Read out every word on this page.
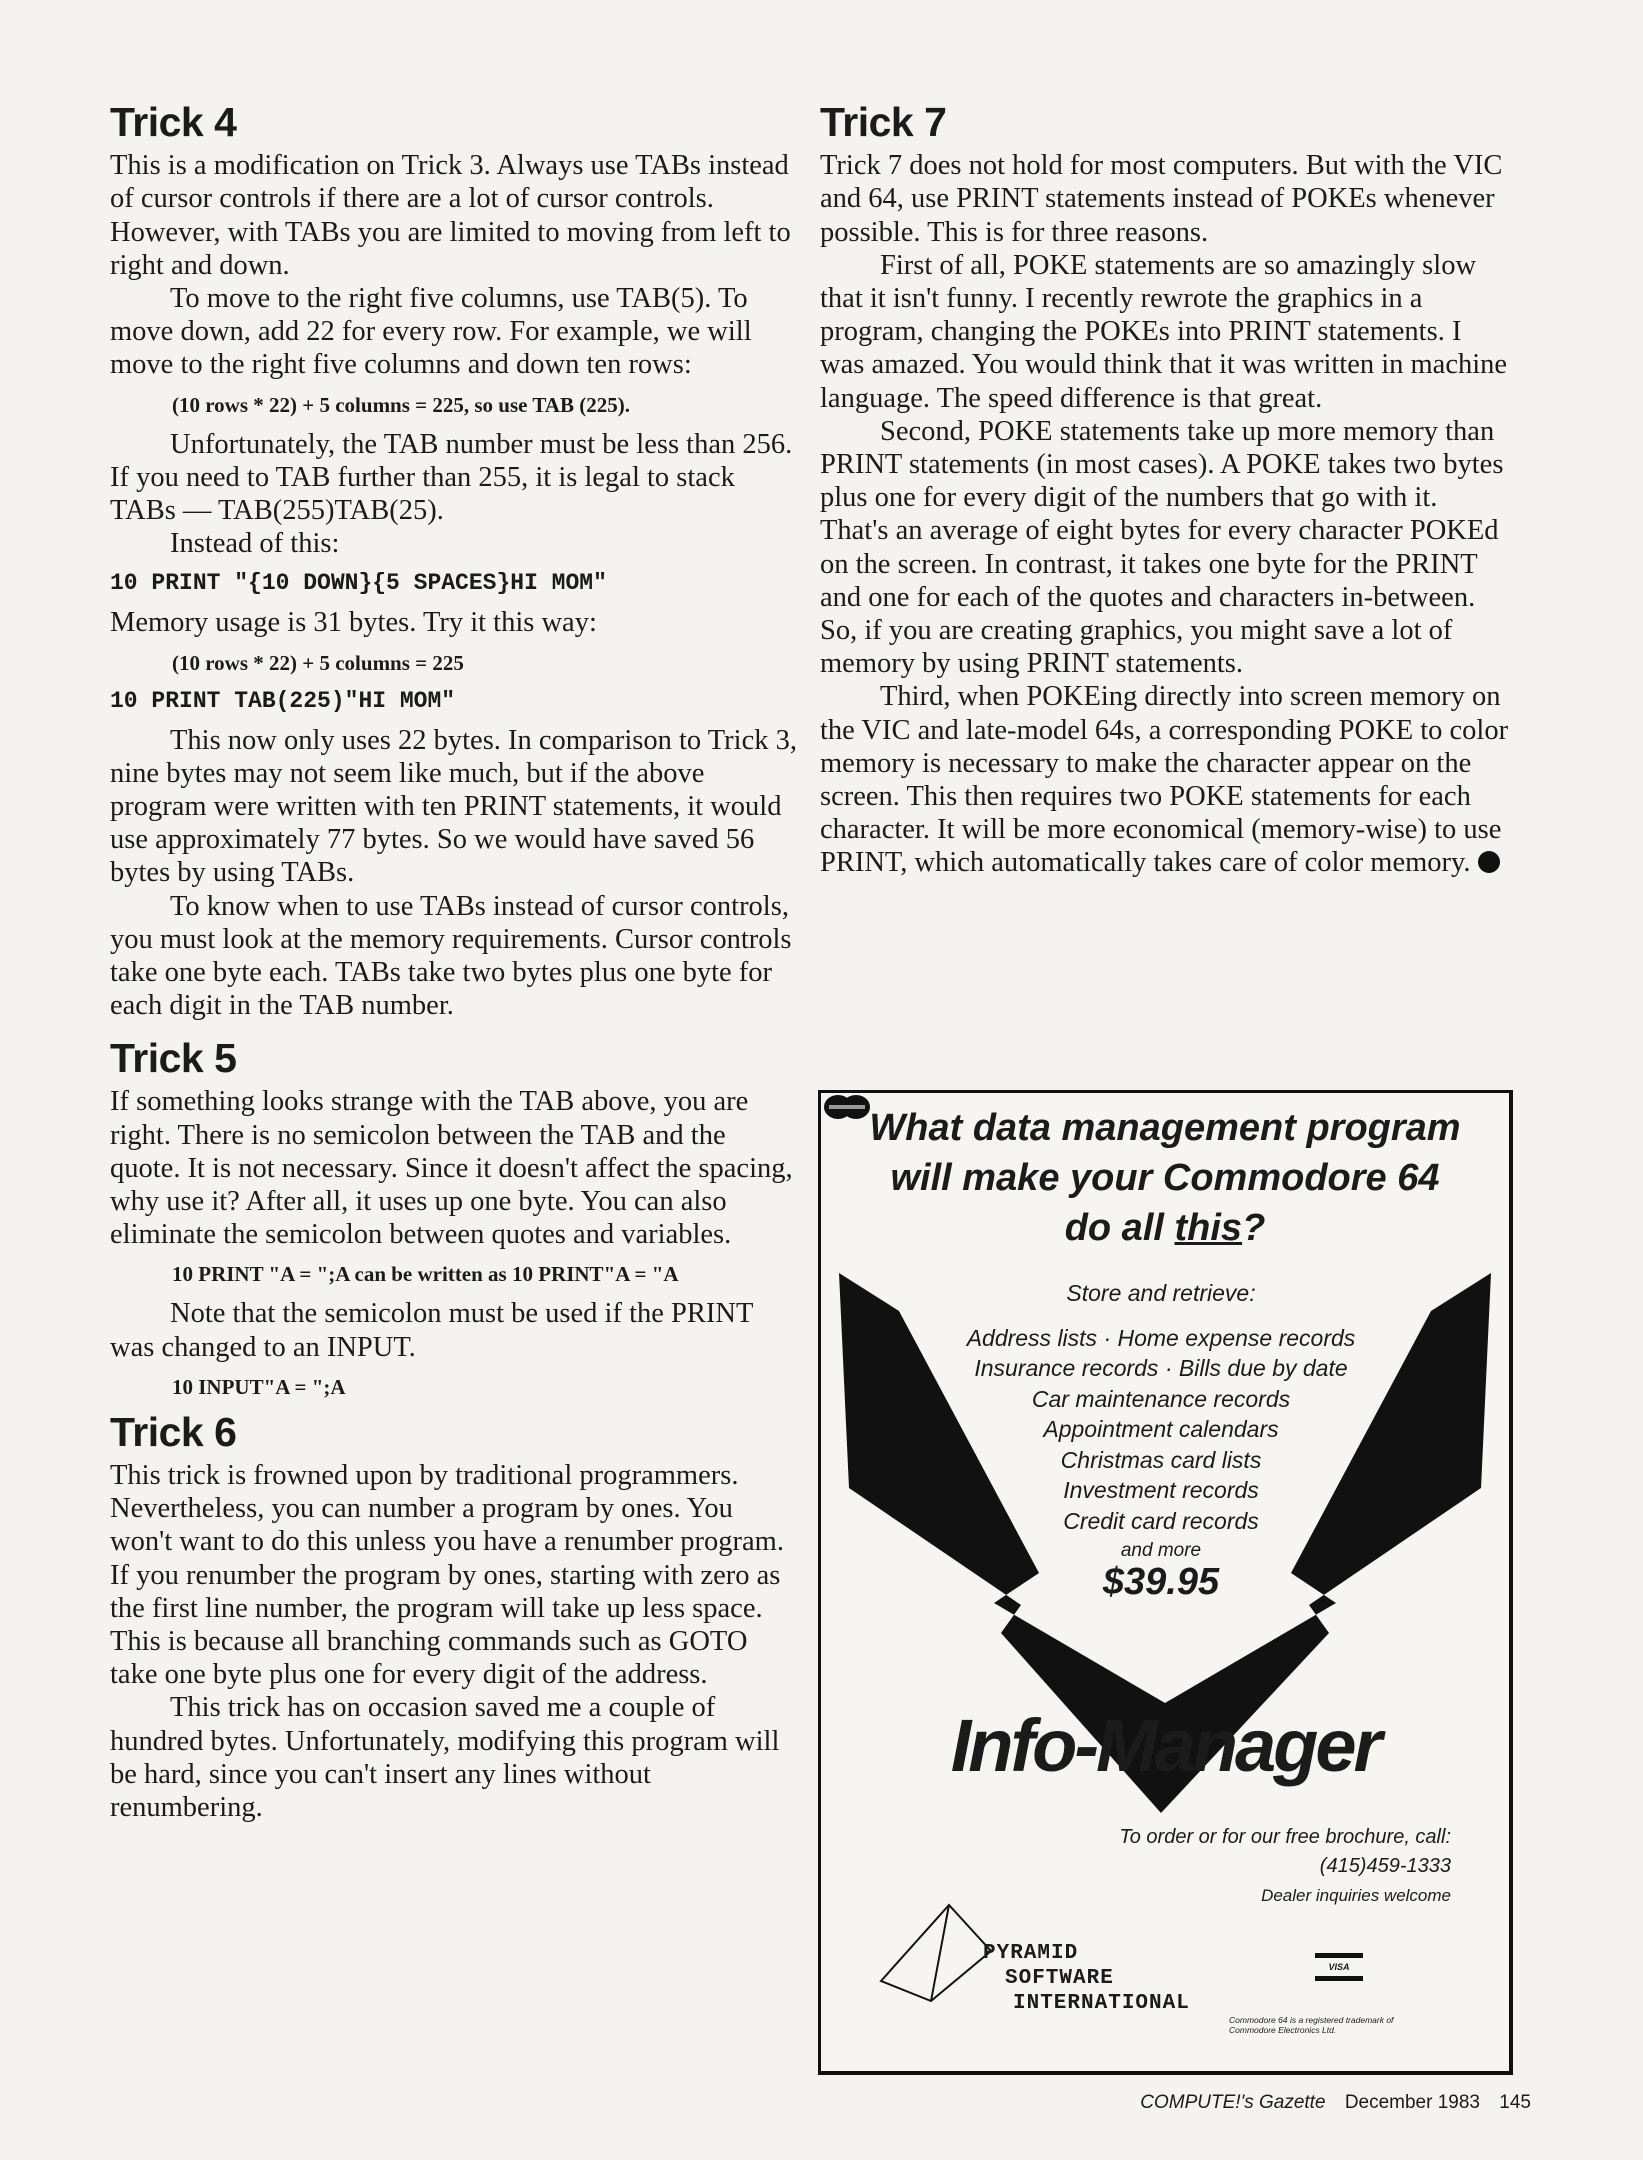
Trick 4

This is a modification on Trick 3. Always use TABs instead of cursor controls if there are a lot of cursor controls. However, with TABs you are limited to moving from left to right and down.

To move to the right five columns, use TAB(5). To move down, add 22 for every row. For example, we will move to the right five columns and down ten rows:

(10 rows * 22) + 5 columns = 225, so use TAB (225).

Unfortunately, the TAB number must be less than 256. If you need to TAB further than 255, it is legal to stack TABs — TAB(255)TAB(25).

Instead of this:

10 PRINT "{10 DOWN}{5 SPACES}HI MOM"

Memory usage is 31 bytes. Try it this way:

(10 rows * 22) + 5 columns = 225
10 PRINT TAB(225)"HI MOM"

This now only uses 22 bytes. In comparison to Trick 3, nine bytes may not seem like much, but if the above program were written with ten PRINT statements, it would use approximately 77 bytes. So we would have saved 56 bytes by using TABs.

To know when to use TABs instead of cursor controls, you must look at the memory requirements. Cursor controls take one byte each. TABs take two bytes plus one byte for each digit in the TAB number.

Trick 5

If something looks strange with the TAB above, you are right. There is no semicolon between the TAB and the quote. It is not necessary. Since it doesn't affect the spacing, why use it? After all, it uses up one byte. You can also eliminate the semicolon between quotes and variables.

10 PRINT "A = ";A can be written as 10 PRINT"A = "A

Note that the semicolon must be used if the PRINT was changed to an INPUT.

10 INPUT"A = ";A
Trick 6

This trick is frowned upon by traditional programmers. Nevertheless, you can number a program by ones. You won't want to do this unless you have a renumber program. If you renumber the program by ones, starting with zero as the first line number, the program will take up less space. This is because all branching commands such as GOTO take one byte plus one for every digit of the address.

This trick has on occasion saved me a couple of hundred bytes. Unfortunately, modifying this program will be hard, since you can't insert any lines without renumbering.

Trick 7

Trick 7 does not hold for most computers. But with the VIC and 64, use PRINT statements instead of POKEs whenever possible. This is for three reasons.

First of all, POKE statements are so amazingly slow that it isn't funny. I recently rewrote the graphics in a program, changing the POKEs into PRINT statements. I was amazed. You would think that it was written in machine language. The speed difference is that great.

Second, POKE statements take up more memory than PRINT statements (in most cases). A POKE takes two bytes plus one for every digit of the numbers that go with it. That's an average of eight bytes for every character POKEd on the screen. In contrast, it takes one byte for the PRINT and one for each of the quotes and characters in-between. So, if you are creating graphics, you might save a lot of memory by using PRINT statements.

Third, when POKEing directly into screen memory on the VIC and late-model 64s, a corresponding POKE to color memory is necessary to make the character appear on the screen. This then requires two POKE statements for each character. It will be more economical (memory-wise) to use PRINT, which automatically takes care of color memory.

What data management program
will make your Commodore 64
do all this?
Store and retrieve:
Address lists · Home expense records
Insurance records · Bills due by date
Car maintenance records
Appointment calendars
Christmas card lists
Investment records
Credit card records
and more
$39.95
Info-Manager
To order or for our free brochure, call:
(415)459-1333
Dealer inquiries welcome
PYRAMID
SOFTWARE
INTERNATIONAL
VISA
Commodore 64 is a registered trademark of
Commodore Electronics Ltd.
COMPUTE!'s Gazette December 1983 145
